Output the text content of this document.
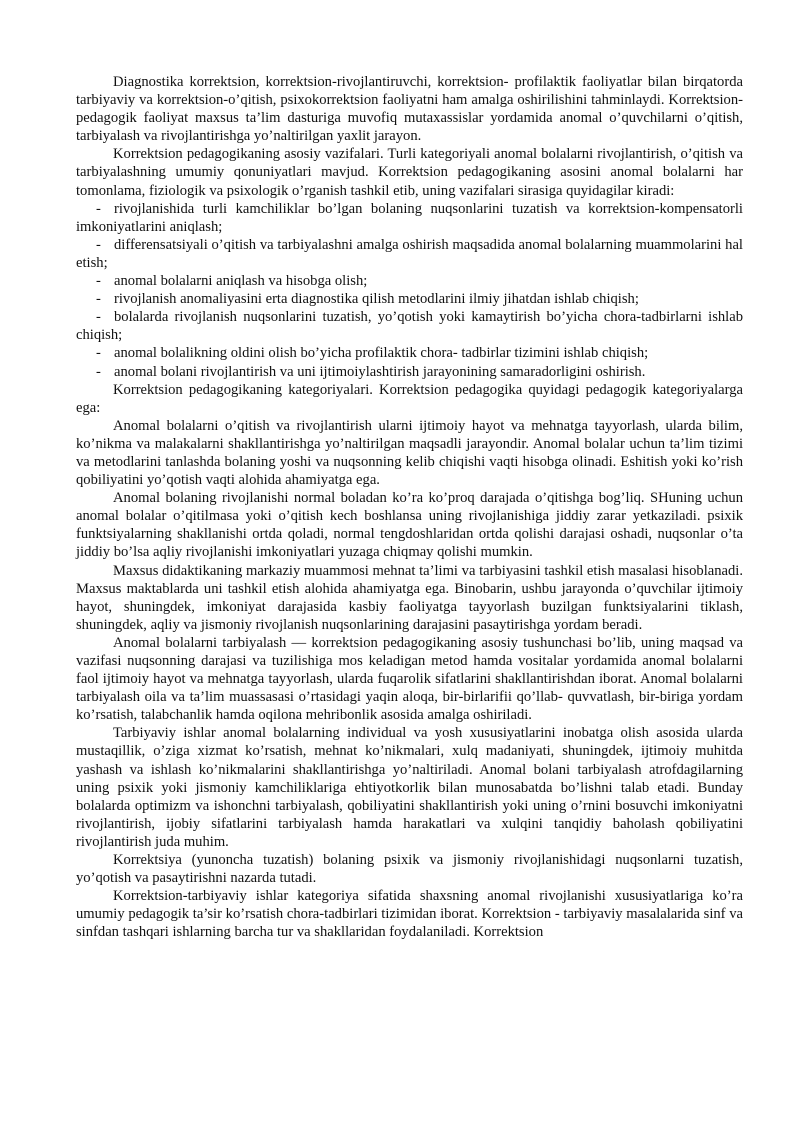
Diagnostika korrektsion, korrektsion-rivojlantiruvchi, korrektsion- profilaktik faoliyatlar bilan birqatorda tarbiyaviy va korrektsion-o’qitish, psixokorrektsion faoliyatni ham amalga oshirilishini tahminlaydi. Korrektsion-pedagogik faoliyat maxsus ta’lim dasturiga muvofiq mutaxassislar yordamida anomal o’quvchilarni o’qitish, tarbiyalash va rivojlantirishga yo’naltirilgan yaxlit jarayon.

Korrektsion pedagogikaning asosiy vazifalari. Turli kategoriyali anomal bolalarni rivojlantirish, o’qitish va tarbiyalashning umumiy qonuniyatlari mavjud. Korrektsion pedagogikaning asosini anomal bolalarni har tomonlama, fiziologik va psixologik o’rganish tashkil etib, uning vazifalari sirasiga quyidagilar kiradi:

- rivojlanishida turli kamchiliklar bo’lgan bolaning nuqsonlarini tuzatish va korrektsion-kompensatorli imkoniyatlarini aniqlash;

- differensatsiyali o’qitish va tarbiyalashni amalga oshirish maqsadida anomal bolalarning muammolarini hal etish;

- anomal bolalarni aniqlash va hisobga olish;

- rivojlanish anomaliyasini erta diagnostika qilish metodlarini ilmiy jihatdan ishlab chiqish;

- bolalarda rivojlanish nuqsonlarini tuzatish, yo’qotish yoki kamaytirish bo’yicha chora-tadbirlarni ishlab chiqish;

- anomal bolalikning oldini olish bo’yicha profilaktik chora- tadbirlar tizimini ishlab chiqish;

- anomal bolani rivojlantirish va uni ijtimoiylashtirish jarayonining samaradorligini oshirish.

Korrektsion pedagogikaning kategoriyalari. Korrektsion pedagogika quyidagi pedagogik kategoriyalarga ega:

Anomal bolalarni o’qitish va rivojlantirish ularni ijtimoiy hayot va mehnatga tayyorlash, ularda bilim, ko’nikma va malakalarni shakllantirishga yo’naltirilgan maqsadli jarayondir. Anomal bolalar uchun ta’lim tizimi va metodlarini tanlashda bolaning yoshi va nuqsonning kelib chiqishi vaqti hisobga olinadi. Eshitish yoki ko’rish qobiliyatini yo’qotish vaqti alohida ahamiyatga ega.

Anomal bolaning rivojlanishi normal boladan ko’ra ko’proq darajada o’qitishga bog’liq. SHuning uchun anomal bolalar o’qitilmasa yoki o’qitish kech boshlansa uning rivojlanishiga jiddiy zarar yetkaziladi. psixik funktsiyalarning shakllanishi ortda qoladi, normal tengdoshlaridan ortda qolishi darajasi oshadi, nuqsonlar o’ta jiddiy bo’lsa aqliy rivojlanishi imkoniyatlari yuzaga chiqmay qolishi mumkin.

Maxsus didaktikaning markaziy muammosi mehnat ta’limi va tarbiyasini tashkil etish masalasi hisoblanadi. Maxsus maktablarda uni tashkil etish alohida ahamiyatga ega. Binobarin, ushbu jarayonda o’quvchilar ijtimoiy hayot, shuningdek, imkoniyat darajasida kasbiy faoliyatga tayyorlash buzilgan funktsiyalarini tiklash, shuningdek, aqliy va jismoniy rivojlanish nuqsonlarining darajasini pasaytirishga yordam beradi.

Anomal bolalarni tarbiyalash — korrektsion pedagogikaning asosiy tushunchasi bo’lib, uning maqsad va vazifasi nuqsonning darajasi va tuzilishiga mos keladigan metod hamda vositalar yordamida anomal bolalarni faol ijtimoiy hayot va mehnatga tayyorlash, ularda fuqarolik sifatlarini shakllantirishdan iborat. Anomal bolalarni tarbiyalash oila va ta’lim muassasasi o’rtasidagi yaqin aloqa, bir-birlarifii qo’llab- quvvatlash, bir-biriga yordam ko’rsatish, talabchanlik hamda oqilona mehribonlik asosida amalga oshiriladi.

Tarbiyaviy ishlar anomal bolalarning individual va yosh xususiyatlarini inobatga olish asosida ularda mustaqillik, o’ziga xizmat ko’rsatish, mehnat ko’nikmalari, xulq madaniyati, shuningdek, ijtimoiy muhitda yashash va ishlash ko’nikmalarini shakllantirishga yo’naltiriladi. Anomal bolani tarbiyalash atrofdagilarning uning psixik yoki jismoniy kamchiliklariga ehtiyotkorlik bilan munosabatda bo’lishni talab etadi. Bunday bolalarda optimizm va ishonchni tarbiyalash, qobiliyatini shakllantirish yoki uning o’rnini bosuvchi imkoniyatni rivojlantirish, ijobiy sifatlarini tarbiyalash hamda harakatlari va xulqini tanqidiy baholash qobiliyatini rivojlantirish juda muhim.

Korrektsiya (yunoncha tuzatish) bolaning psixik va jismoniy rivojlanishidagi nuqsonlarni tuzatish, yo’qotish va pasaytirishni nazarda tutadi.

Korrektsion-tarbiyaviy ishlar kategoriya sifatida shaxsning anomal rivojlanishi xususiyatlariga ko’ra umumiy pedagogik ta’sir ko’rsatish chora-tadbirlari tizimidan iborat. Korrektsion - tarbiyaviy masalalarida sinf va sinfdan tashqari ishlarning barcha tur va shakllaridan foydalaniladi. Korrektsion
